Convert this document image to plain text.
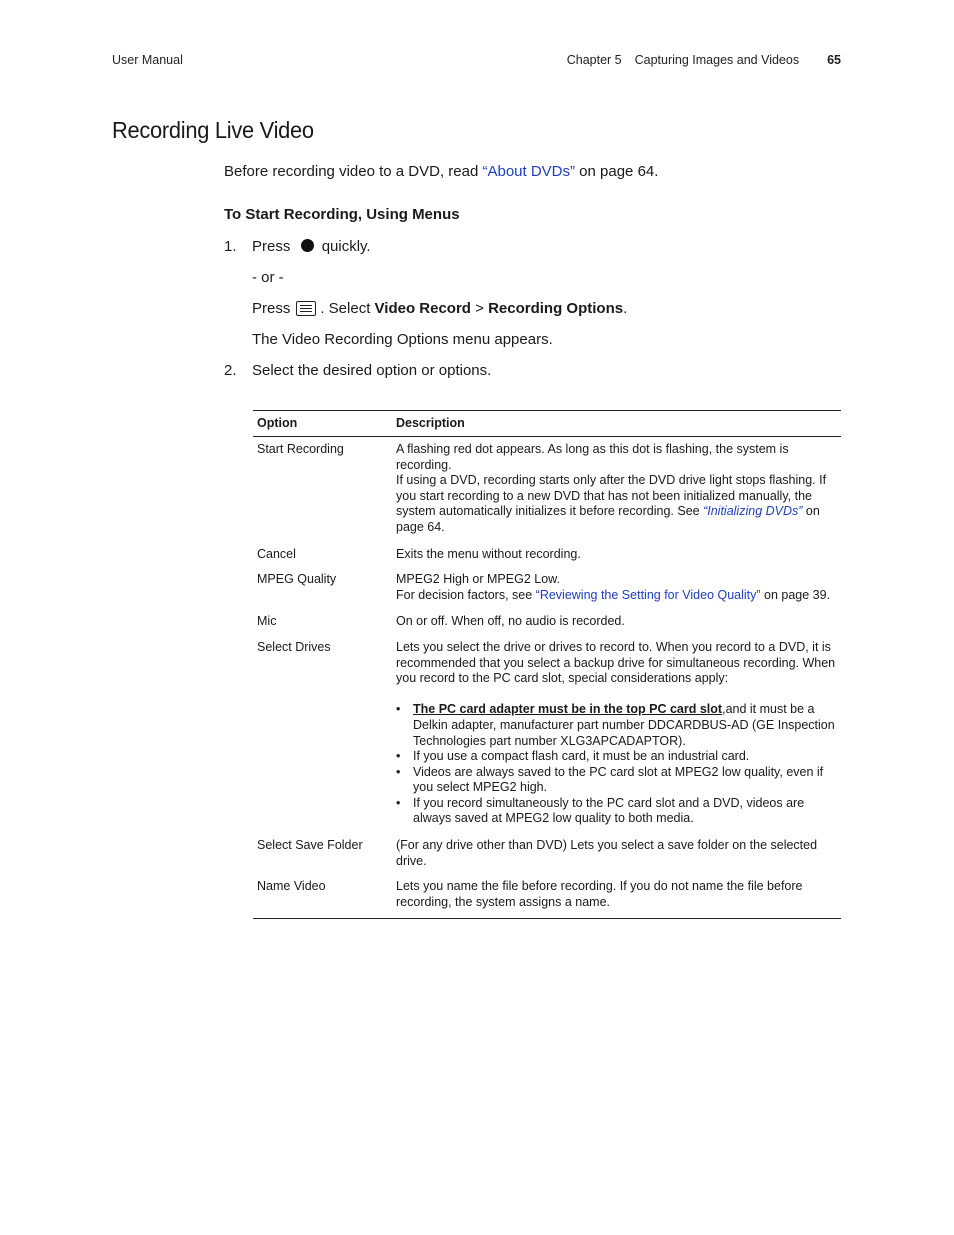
User Manual	Chapter 5 Capturing Images and Videos 65
Recording Live Video
Before recording video to a DVD, read “About DVDs” on page 64.
To Start Recording, Using Menus
1. Press quickly.
- or -
Press . Select Video Record > Recording Options.
The Video Recording Options menu appears.
2. Select the desired option or options.
Option	Description
Start Recording	A flashing red dot appears. As long as this dot is flashing, the system is recording.

If using a DVD, recording starts only after the DVD drive light stops flashing. If you start recording to a new DVD that has not been initialized manually, the system automatically initializes it before recording. See “Initializing DVDs” on page 64.

Cancel	Exits the menu without recording.
MPEG Quality	MPEG2 High or MPEG2 Low.

For decision factors, see “Reviewing the Setting for Video Quality” on page 39.

Mic	On or off. When off, no audio is recorded.
Select Drives	Lets you select the drive or drives to record to. When you record to a DVD, it is recommended that you select a backup drive for simultaneous recording. When you record to the PC card slot, special considerations apply:

• The PC card adapter must be in the top PC card slot,and it must be a Delkin adapter, manufacturer part number DDCARDBUS-AD (GE Inspection Technologies part number XLG3APCADAPTOR).
• If you use a compact flash card, it must be an industrial card.
• Videos are always saved to the PC card slot at MPEG2 low quality, even if you select MPEG2 high.
• If you record simultaneously to the PC card slot and a DVD, videos are always saved at MPEG2 low quality to both media.
Select Save Folder	(For any drive other than DVD) Lets you select a save folder on the selected drive.
Name Video	Lets you name the file before recording. If you do not name the file before recording, the system assigns a name.
